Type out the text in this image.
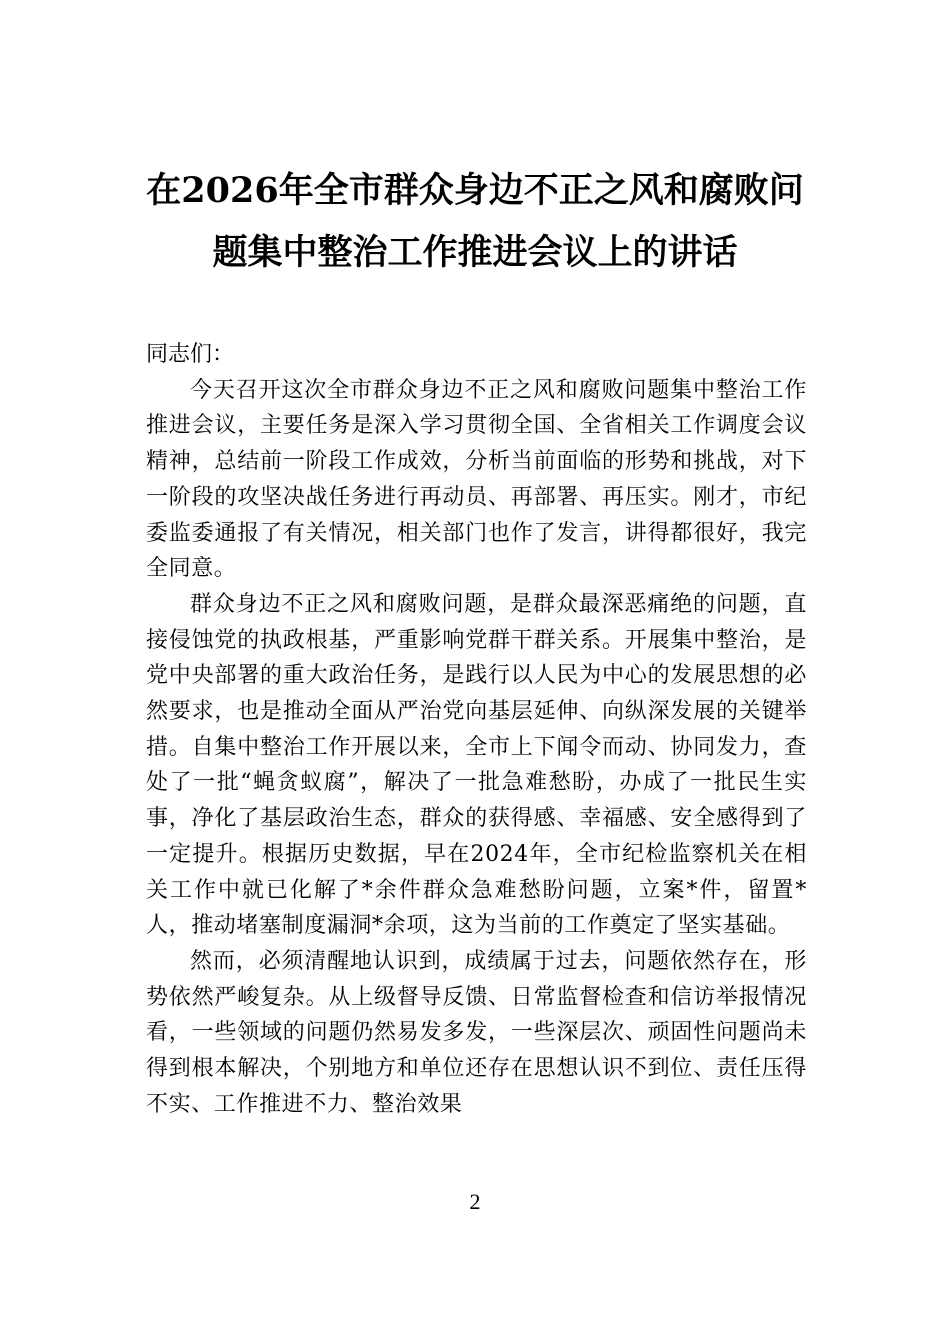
在2026年全市群众身边不正之风和腐败问
题集中整治工作推进会议上的讲话

同志们：

今天召开这次全市群众身边不正之风和腐败问题集中整治工作推进会议，主要任务是深入学习贯彻全国、全省相关工作调度会议精神，总结前一阶段工作成效，分析当前面临的形势和挑战，对下一阶段的攻坚决战任务进行再动员、再部署、再压实。刚才，市纪委监委通报了有关情况，相关部门也作了发言，讲得都很好，我完全同意。

群众身边不正之风和腐败问题，是群众最深恶痛绝的问题，直接侵蚀党的执政根基，严重影响党群干群关系。开展集中整治，是党中央部署的重大政治任务，是践行以人民为中心的发展思想的必然要求，也是推动全面从严治党向基层延伸、向纵深发展的关键举措。自集中整治工作开展以来，全市上下闻令而动、协同发力，查处了一批“蝇贪蚁腐”，解决了一批急难愁盼，办成了一批民生实事，净化了基层政治生态，群众的获得感、幸福感、安全感得到了一定提升。根据历史数据，早在2024年，全市纪检监察机关在相关工作中就已化解了*余件群众急难愁盼问题，立案*件，留置*人，推动堵塞制度漏洞*余项，这为当前的工作奠定了坚实基础。

然而，必须清醒地认识到，成绩属于过去，问题依然存在，形势依然严峻复杂。从上级督导反馈、日常监督检查和信访举报情况看，一些领域的问题仍然易发多发，一些深层次、顽固性问题尚未得到根本解决，个别地方和单位还存在思想认识不到位、责任压得不实、工作推进不力、整治效果

2
